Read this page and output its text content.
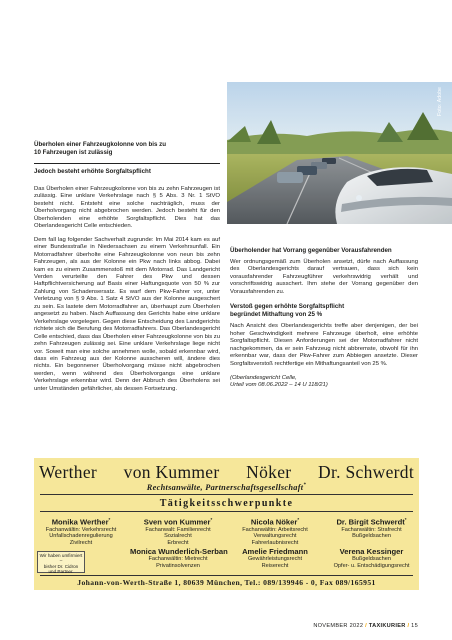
Foto: Adobe
Überholen einer Fahrzeugkolonne von bis zu
10 Fahrzeugen ist zulässig
Jedoch besteht erhöhte Sorgfaltspflicht

Das Überholen einer Fahrzeugkolonne von bis zu zehn Fahrzeugen ist zulässig. Eine unklare Verkehrslage nach § 5 Abs. 3 Nr. 1 StVO besteht nicht. Entsteht eine solche nachträglich, muss der Überholvorgang nicht abgebrochen werden. Jedoch besteht für den Überholenden eine erhöhte Sorgfaltspflicht. Dies hat das Oberlandesgericht Celle entschieden.

Dem fall lag folgender Sachverhalt zugrunde: Im Mai 2014 kam es auf einer Bundesstraße in Niedersachsen zu einem Verkehrsunfall. Ein Motorradfahrer überholte eine Fahrzeugkolonne von neun bis zehn Fahrzeugen, als aus der Kolonne ein Pkw nach links abbog. Dabei kam es zu einem Zusammenstoß mit dem Motorrad. Das Landgericht Verden verurteilte den Fahrer des Pkw und dessen Haftpflichtversicherung auf Basis einer Haftungsquote von 50 % zur Zahlung von Schadensersatz. Es warf dem Pkw-Fahrer vor, unter Verletzung von § 9 Abs. 1 Satz 4 StVO aus der Kolonne ausgeschert zu sein. Es lastete dem Motorradfahrer an, überhaupt zum Überholen angesetzt zu haben. Nach Auffassung des Gerichts habe eine unklare Verkehrslage vorgelegen. Gegen diese Entscheidung des Landgerichts richtete sich die Berufung des Motorradfahrers. Das Oberlandesgericht Celle entschied, dass das Überholen einer Fahrzeugkolonne von bis zu zehn Fahrzeugen zulässig sei. Eine unklare Verkehrslage liege nicht vor. Soweit man eine solche annehmen wolle, sobald erkennbar wird, dass ein Fahrzeug aus der Kolonne ausscheren will, ändere dies nichts. Ein begonnener Überholvorgang müsse nicht abgebrochen werden, wenn während des Überholvorgangs eine unklare Verkehrslage erkennbar wird. Denn der Abbruch des Überholens sei unter Umständen gefährlicher, als dessen Fortsetzung.

Überholender hat Vorrang gegenüber Vorausfahrenden

Wer ordnungsgemäß zum Überholen ansetzt, dürfe nach Auffassung des Oberlandesgerichts darauf vertrauen, dass sich kein vorausfahrender Fahrzeugführer verkehrswidrig verhält und vorschriftswidrig ausschert. Ihm stehe der Vorrang gegenüber den Vorausfahrenden zu.

Verstoß gegen erhöhte Sorgfaltspflicht
begründet Mithaftung von 25 %

Nach Ansicht des Oberlandesgerichts treffe aber denjenigen, der bei hoher Geschwindigkeit mehrere Fahrzeuge überholt, eine erhöhte Sorgfaltspflicht. Diesen Anforderungen sei der Motorradfahrer nicht nachgekommen, da er sein Fahrzeug nicht abbremste, obwohl für ihn erkennbar war, dass der Pkw-Fahrer zum Abbiegen ansetzte. Dieser Sorgfaltsverstoß rechtfertige ein Mithaftungsanteil von 25 %.

(Oberlandesgericht Celle,

Urteil vom 08.06.2022 – 14 U 118/21)

Werther von Kummer Nöker Dr. Schwerdt
Rechtsanwälte, Partnerschaftsgesellschaft*
Tätigkeitsschwerpunkte
Monika Werther*
Fachanwältin: Verkehrsrecht
Unfallschadenregulierung
Zivilrecht
Sven von Kummer*
Fachanwalt: Familienrecht
Sozialrecht
Erbrecht
Nicola Nöker*
Fachanwältin: Arbeitsrecht
Verwaltungsrecht
Fahrerlaubnisrecht
Dr. Birgit Schwerdt*
Fachanwältin: Strafrecht
Bußgeldsachen
Wir haben umfirmiert –
bisher Dr. Cidron
und Partner.
Monica Wunderlich-Serban
Fachanwältin: Mietrecht
Privatinsolvenzen
Amelie Friedmann
Gewährleistungsrecht
Reiserecht
Verena Kessinger
Bußgeldsachen
Opfer- u. Entschädigungsrecht
Johann-von-Werth-Straße 1, 80639 München, Tel.: 089/139946 - 0, Fax 089/165951
NOVEMBER 2022 / TAXIKURIER / 15
